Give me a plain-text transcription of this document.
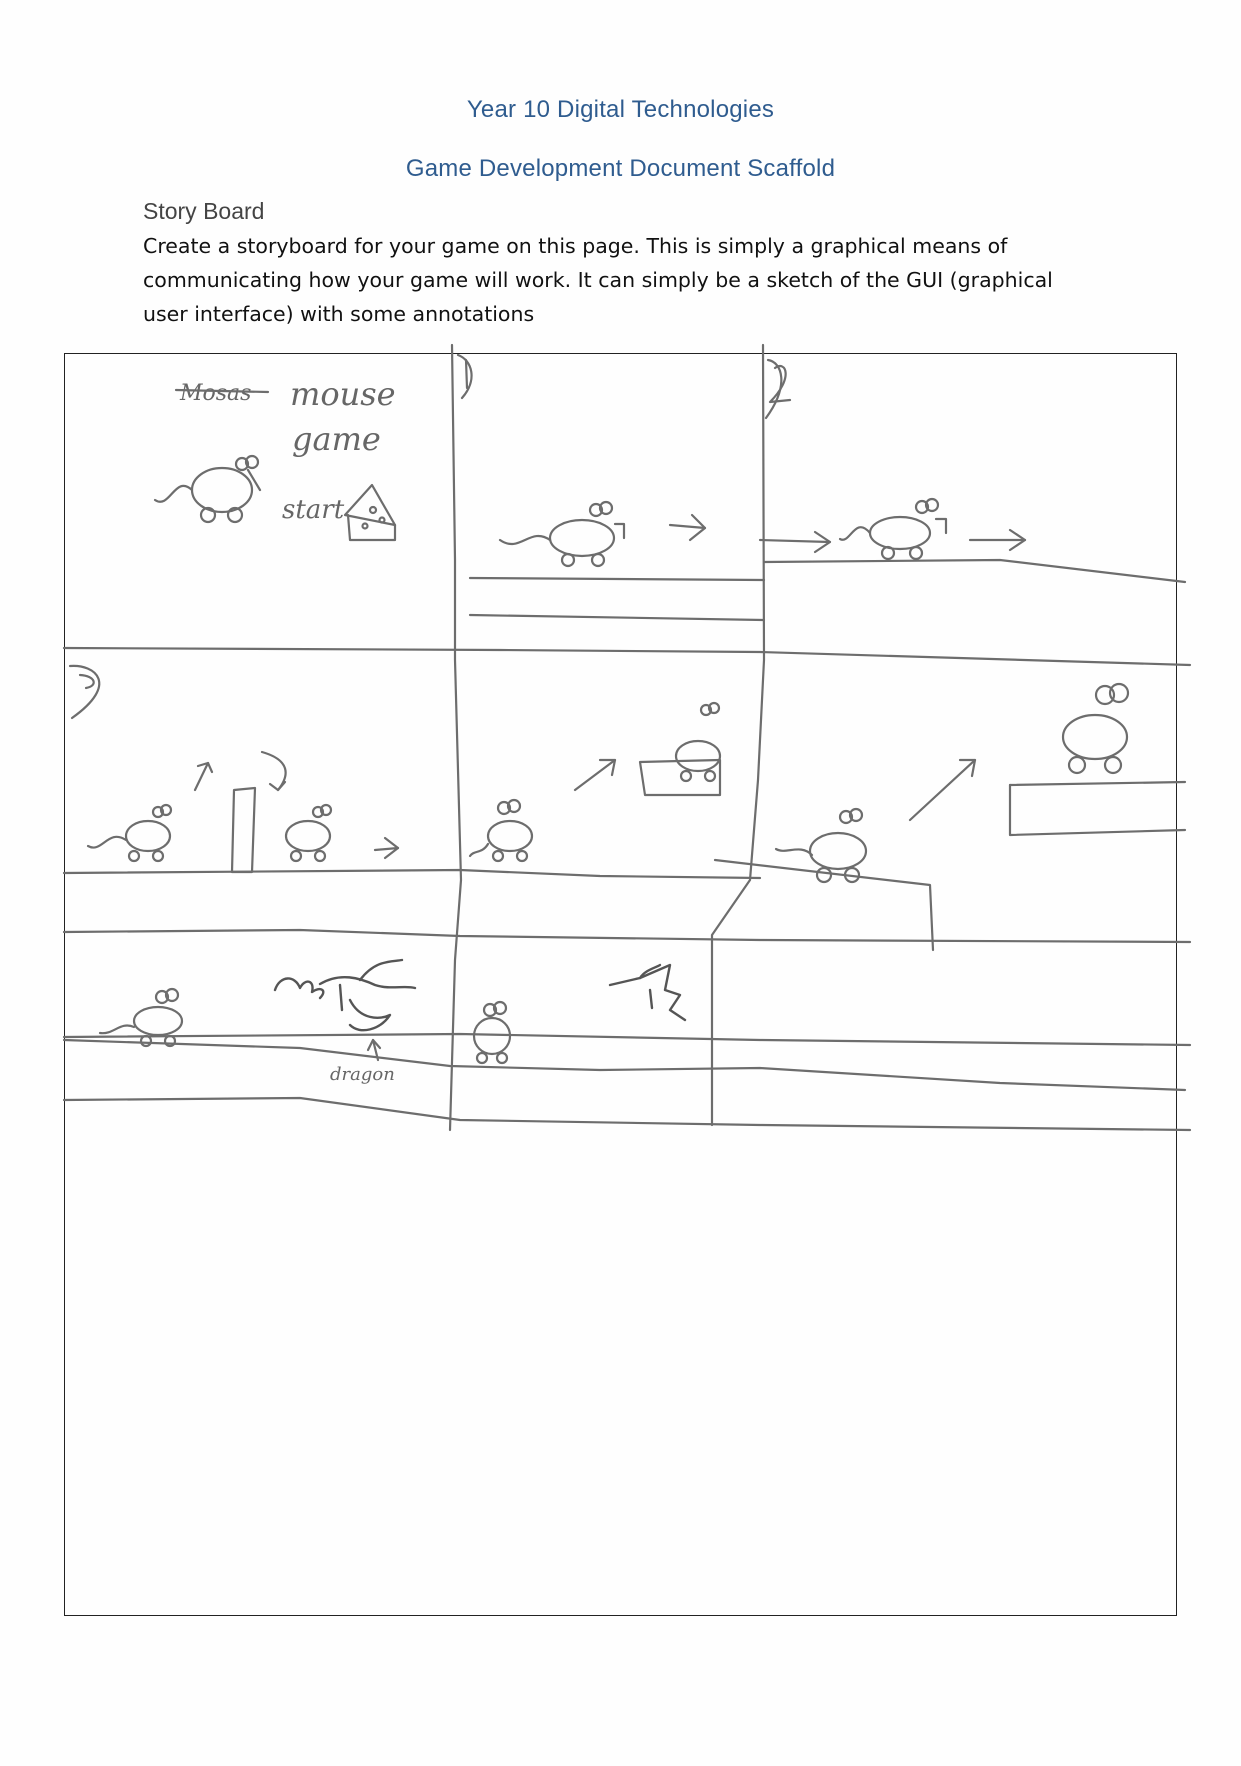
Year 10 Digital Technologies
Game Development Document Scaffold
Story Board
Create a storyboard for your game on this page. This is simply a graphical means of communicating how your game will work. It can simply be a sketch of the GUI (graphical user interface) with some annotations
Mosas mouse
game
start
dragon
